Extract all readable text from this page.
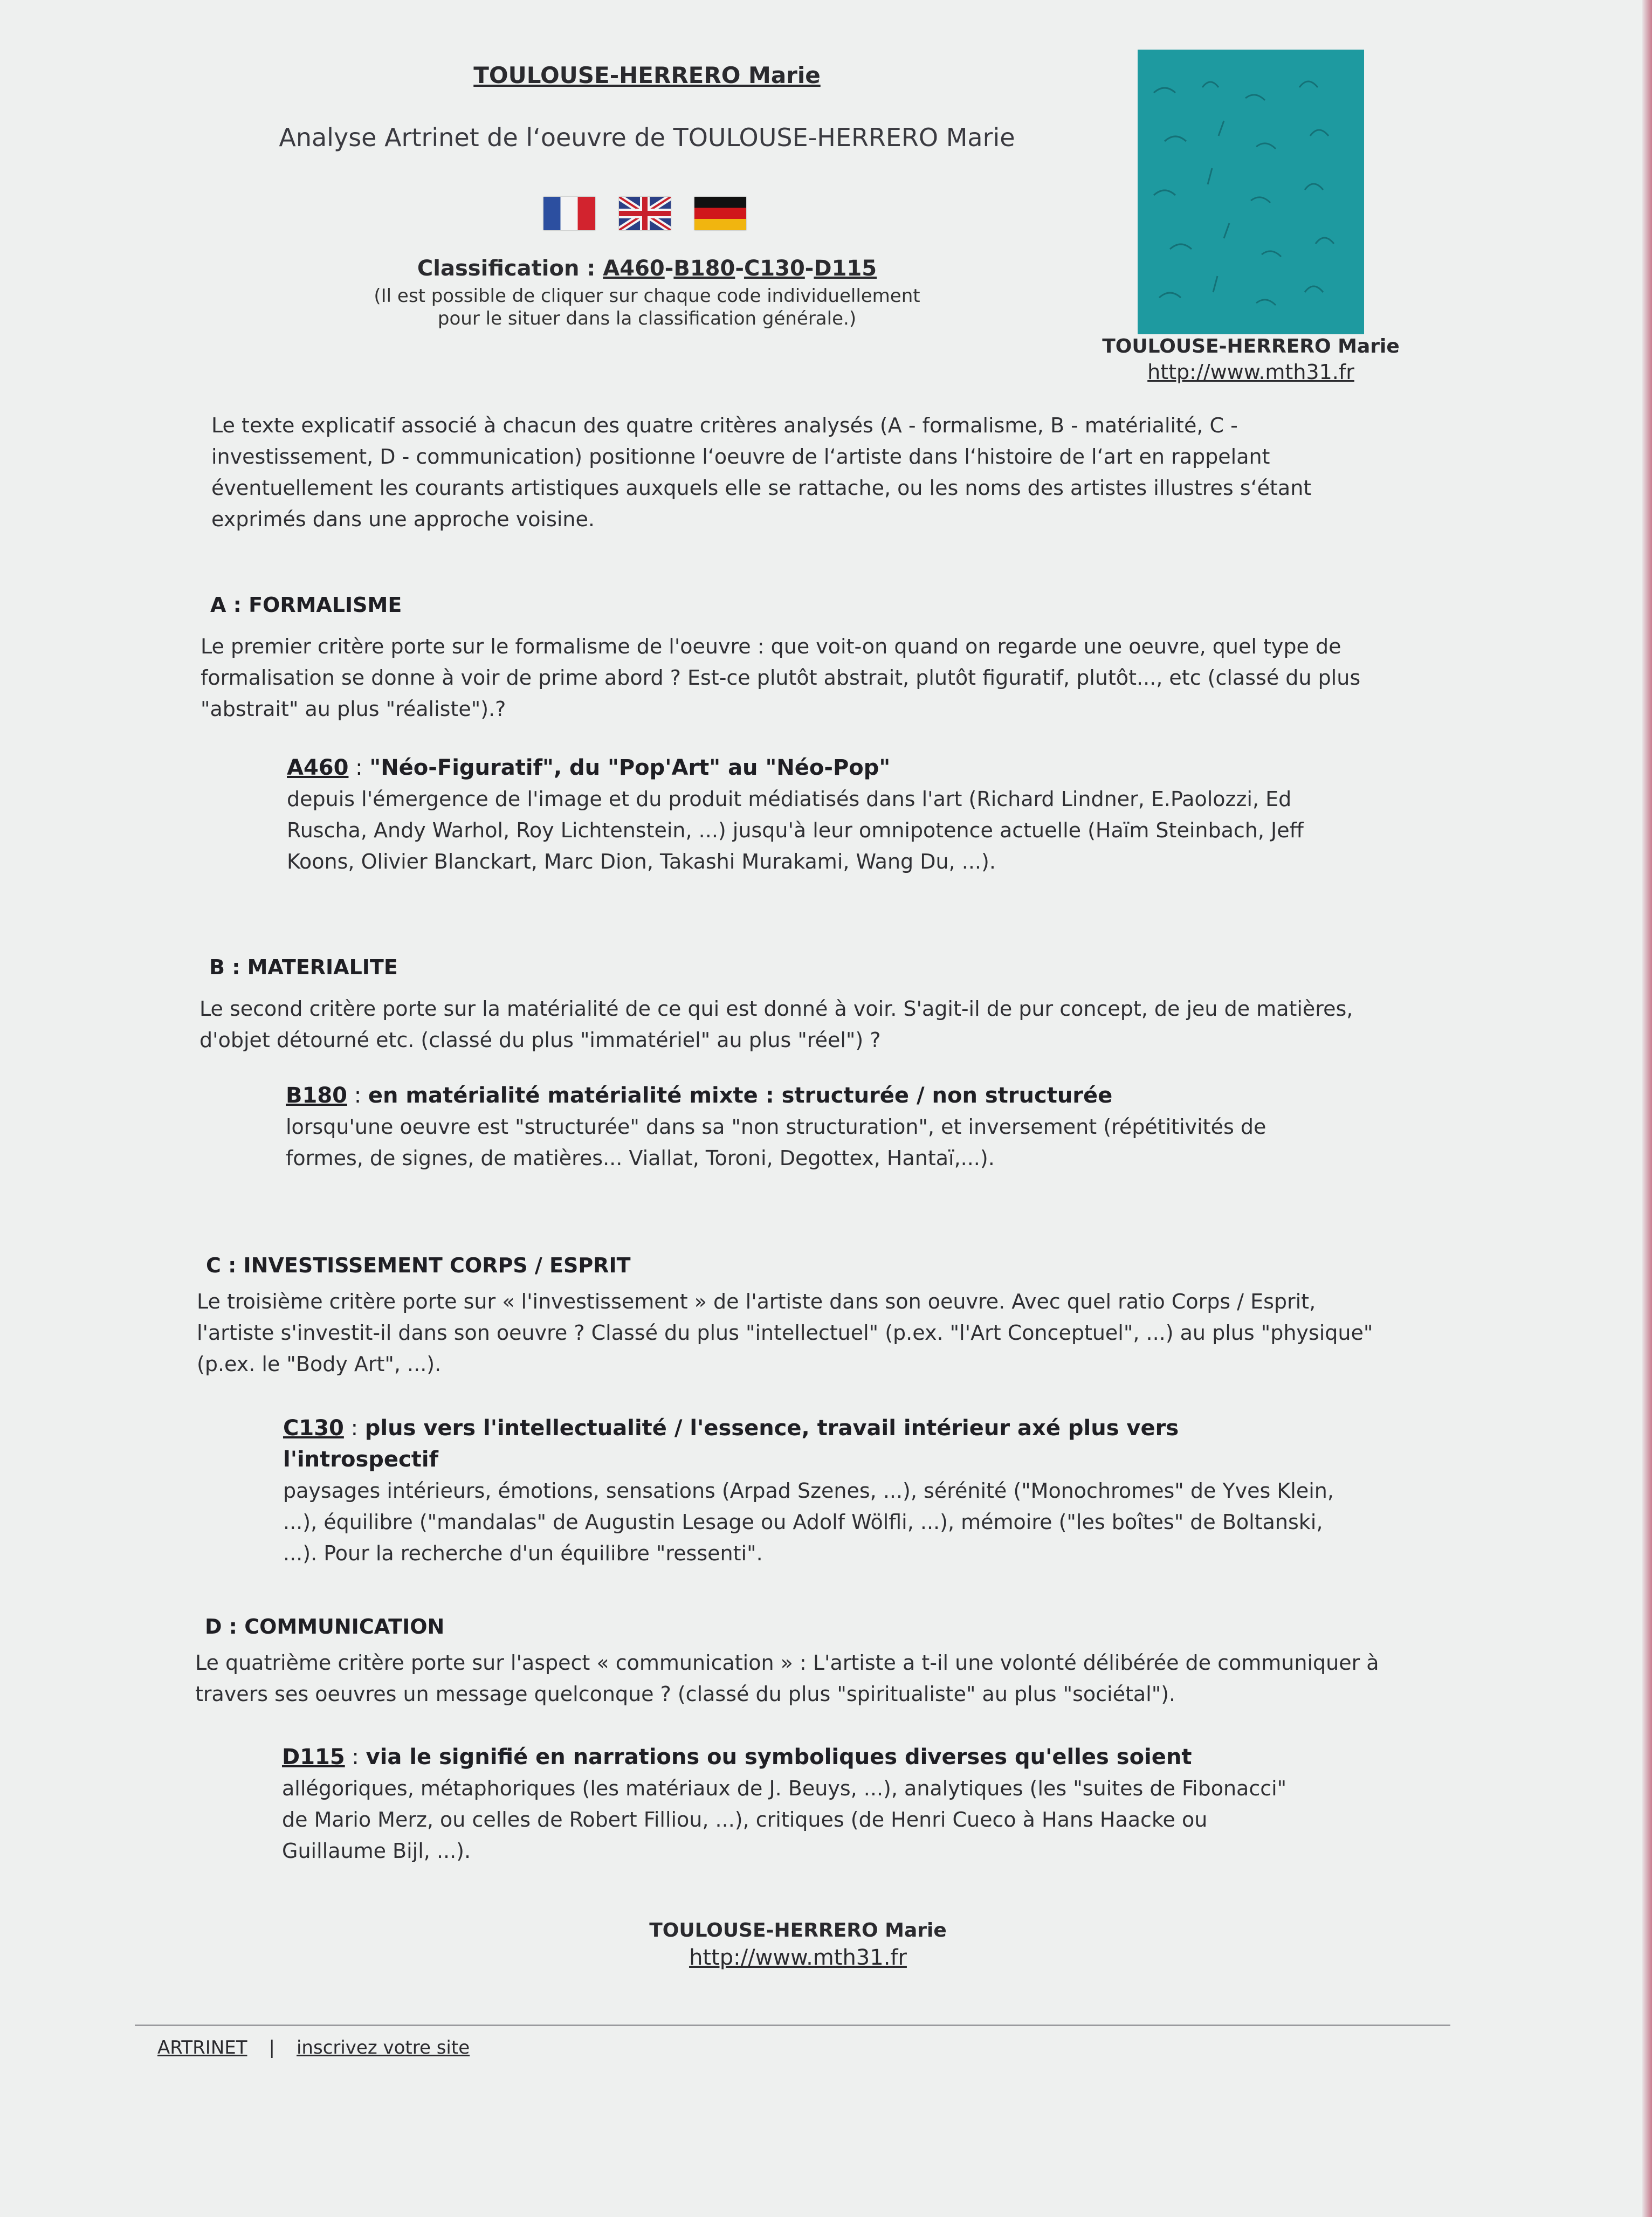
TOULOUSE-HERRERO Marie
Analyse Artrinet de l‘oeuvre de TOULOUSE-HERRERO Marie
Classification : A460-B180-C130-D115
(Il est possible de cliquer sur chaque code individuellement
pour le situer dans la classification générale.)
TOULOUSE-HERRERO Marie
http://www.mth31.fr
Le texte explicatif associé à chacun des quatre critères analysés (A - formalisme, B - matérialité, C - investissement, D - communication) positionne l‘oeuvre de l‘artiste dans l‘histoire de l‘art en rappelant éventuellement les courants artistiques auxquels elle se rattache, ou les noms des artistes illustres s‘étant exprimés dans une approche voisine.
A : FORMALISME
Le premier critère porte sur le formalisme de l'oeuvre : que voit-on quand on regarde une oeuvre, quel type de formalisation se donne à voir de prime abord ? Est-ce plutôt abstrait, plutôt figuratif, plutôt..., etc (classé du plus "abstrait" au plus "réaliste").?
A460 : "Néo-Figuratif", du "Pop'Art" au "Néo-Pop"
depuis l'émergence de l'image et du produit médiatisés dans l'art (Richard Lindner, E.Paolozzi, Ed Ruscha, Andy Warhol, Roy Lichtenstein, ...) jusqu'à leur omnipotence actuelle (Haïm Steinbach, Jeff Koons, Olivier Blanckart, Marc Dion, Takashi Murakami, Wang Du, ...).
B : MATERIALITE
Le second critère porte sur la matérialité de ce qui est donné à voir. S'agit-il de pur concept, de jeu de matières, d'objet détourné etc. (classé du plus "immatériel" au plus "réel") ?
B180 : en matérialité matérialité mixte : structurée / non structurée
lorsqu'une oeuvre est "structurée" dans sa "non structuration", et inversement (répétitivités de formes, de signes, de matières... Viallat, Toroni, Degottex, Hantaï,...).
C : INVESTISSEMENT CORPS / ESPRIT
Le troisième critère porte sur « l'investissement » de l'artiste dans son oeuvre. Avec quel ratio Corps / Esprit, l'artiste s'investit-il dans son oeuvre ? Classé du plus "intellectuel" (p.ex. "l'Art Conceptuel", ...) au plus "physique" (p.ex. le "Body Art", ...).
C130 : plus vers l'intellectualité / l'essence, travail intérieur axé plus vers l'introspectif
paysages intérieurs, émotions, sensations (Arpad Szenes, ...), sérénité ("Monochromes" de Yves Klein, ...), équilibre ("mandalas" de Augustin Lesage ou Adolf Wölfli, ...), mémoire ("les boîtes" de Boltanski, ...). Pour la recherche d'un équilibre "ressenti".
D : COMMUNICATION
Le quatrième critère porte sur l'aspect « communication » : L'artiste a t-il une volonté délibérée de communiquer à travers ses oeuvres un message quelconque ? (classé du plus "spiritualiste" au plus "sociétal").
D115 : via le signifié en narrations ou symboliques diverses qu'elles soient
allégoriques, métaphoriques (les matériaux de J. Beuys, ...), analytiques (les "suites de Fibonacci" de Mario Merz, ou celles de Robert Filliou, ...), critiques (de Henri Cueco à Hans Haacke ou Guillaume Bijl, ...).
TOULOUSE-HERRERO Marie
http://www.mth31.fr
ARTRINET | inscrivez votre site
